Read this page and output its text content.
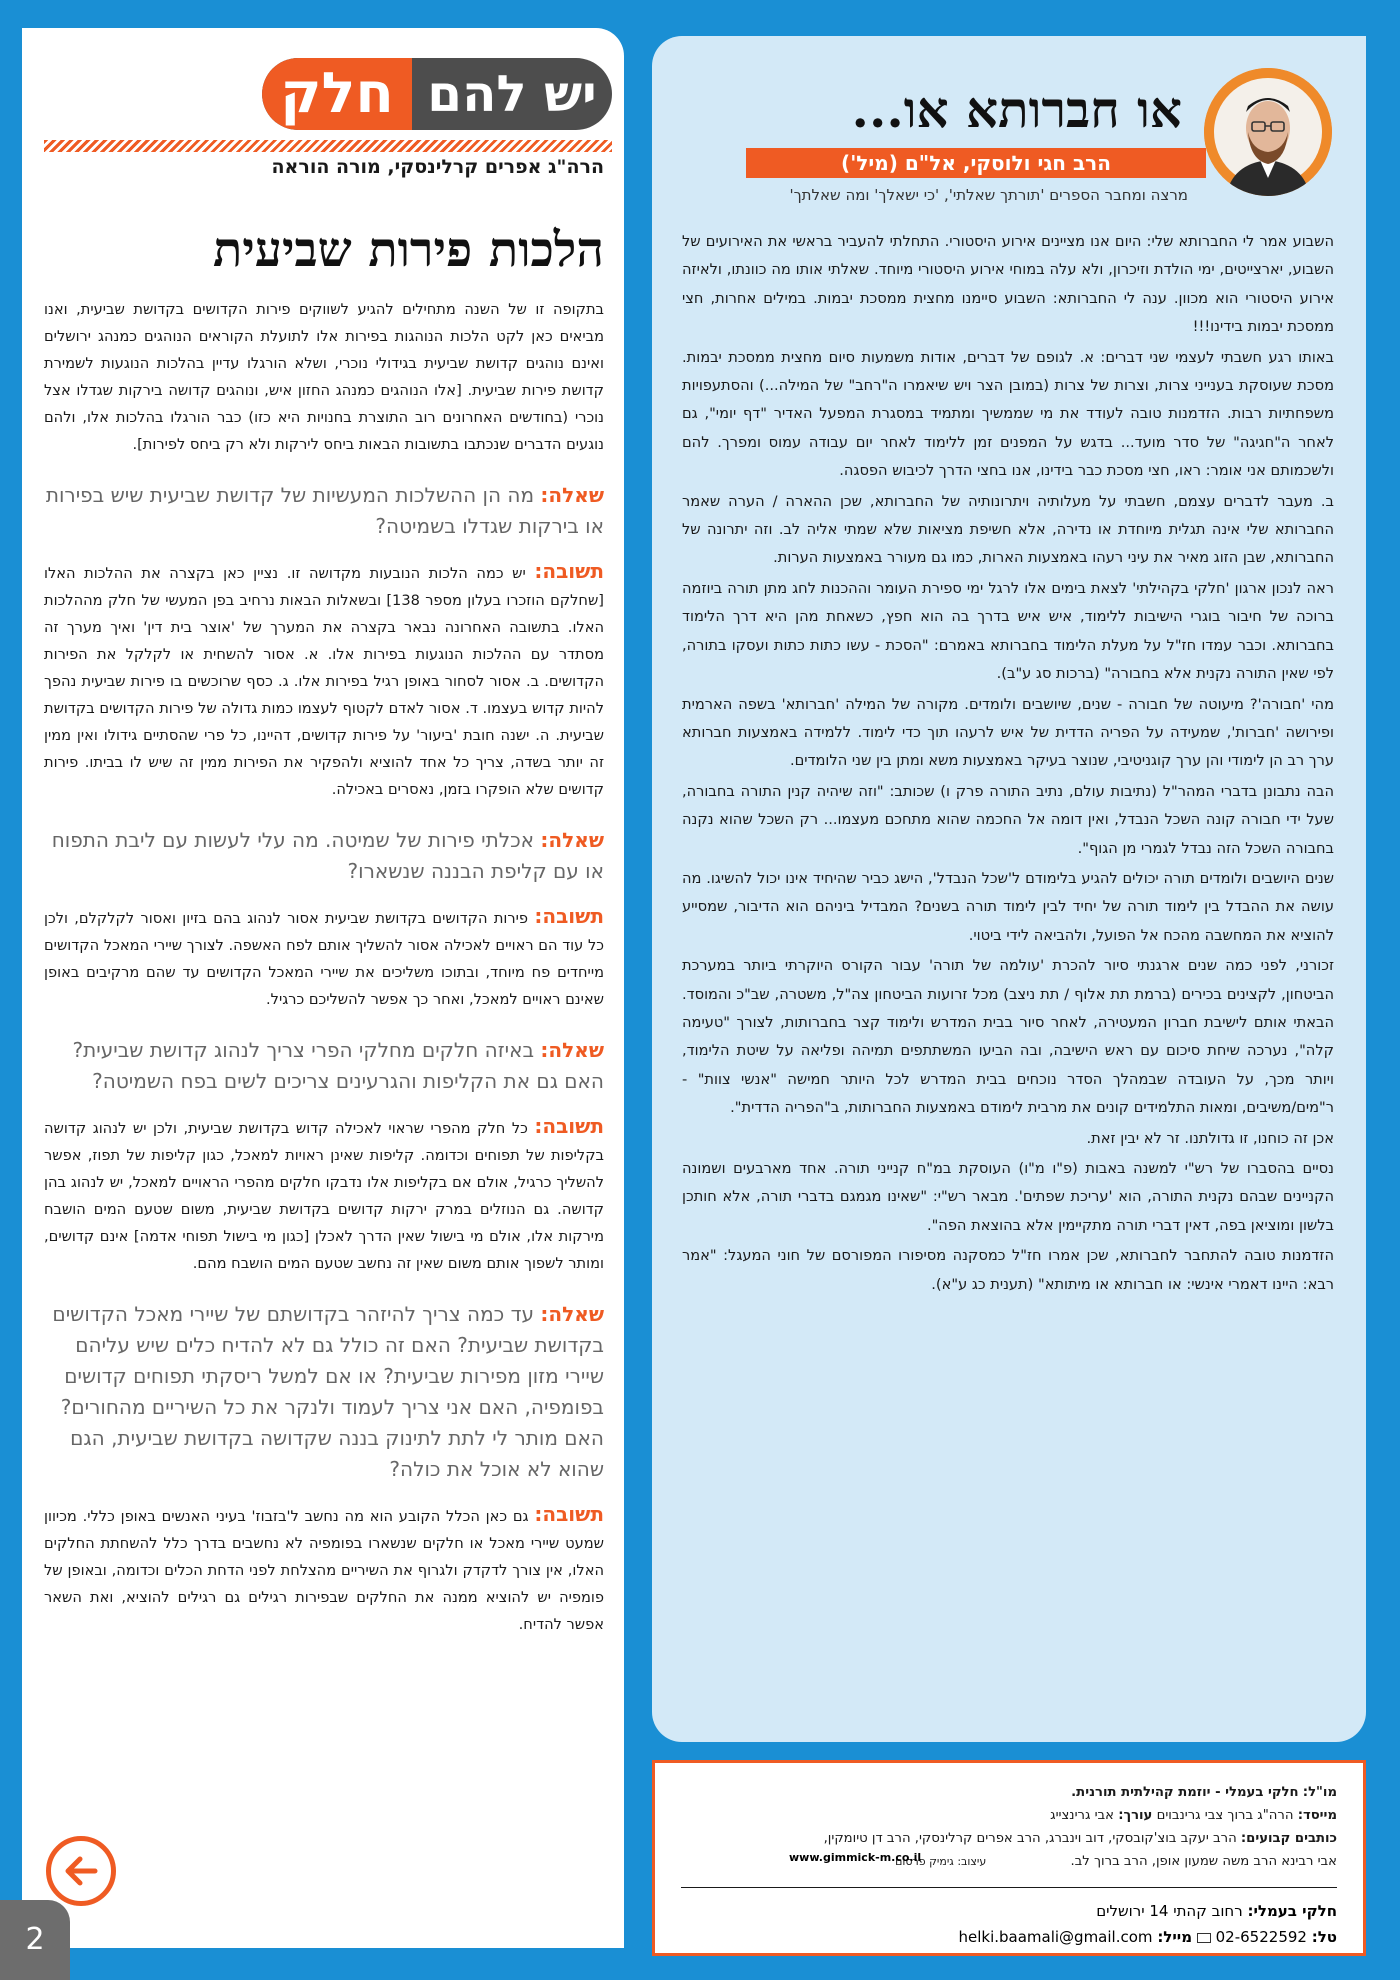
יש להם
חלק
הרה"ג אפרים קרלינסקי, מורה הוראה
הלכות פירות שביעית
בתקופה זו של השנה מתחילים להגיע לשווקים פירות הקדושים בקדושת שביעית, ואנו מביאים כאן לקט הלכות הנוהגות בפירות אלו לתועלת הקוראים הנוהגים כמנהג ירושלים ואינם נוהגים קדושת שביעית בגידולי נוכרי, ושלא הורגלו עדיין בהלכות הנוגעות לשמירת קדושת פירות שביעית. [אלו הנוהגים כמנהג החזון איש, ונוהגים קדושה בירקות שגדלו אצל נוכרי (בחודשים האחרונים רוב התוצרת בחנויות היא כזו) כבר הורגלו בהלכות אלו, ולהם נוגעים הדברים שנכתבו בתשובות הבאות ביחס לירקות ולא רק ביחס לפירות].
שאלה: מה הן ההשלכות המעשיות של קדושת שביעית שיש בפירות או בירקות שגדלו בשמיטה?
תשובה: יש כמה הלכות הנובעות מקדושה זו. נציין כאן בקצרה את ההלכות האלו [שחלקם הוזכרו בעלון מספר 138] ובשאלות הבאות נרחיב בפן המעשי של חלק מההלכות האלו. בתשובה האחרונה נבאר בקצרה את המערך של 'אוצר בית דין' ואיך מערך זה מסתדר עם ההלכות הנוגעות בפירות אלו. א. אסור להשחית או לקלקל את הפירות הקדושים. ב. אסור לסחור באופן רגיל בפירות אלו. ג. כסף שרוכשים בו פירות שביעית נהפך להיות קדוש בעצמו. ד. אסור לאדם לקטוף לעצמו כמות גדולה של פירות הקדושים בקדושת שביעית. ה. ישנה חובת 'ביעור' על פירות קדושים, דהיינו, כל פרי שהסתיים גידולו ואין ממין זה יותר בשדה, צריך כל אחד להוציא ולהפקיר את הפירות ממין זה שיש לו בביתו. פירות קדושים שלא הופקרו בזמן, נאסרים באכילה.
שאלה: אכלתי פירות של שמיטה. מה עלי לעשות עם ליבת התפוח או עם קליפת הבננה שנשארו?
תשובה: פירות הקדושים בקדושת שביעית אסור לנהוג בהם בזיון ואסור לקלקלם, ולכן כל עוד הם ראויים לאכילה אסור להשליך אותם לפח האשפה. לצורך שיירי המאכל הקדושים מייחדים פח מיוחד, ובתוכו משליכים את שיירי המאכל הקדושים עד שהם מרקיבים באופן שאינם ראויים למאכל, ואחר כך אפשר להשליכם כרגיל.
שאלה: באיזה חלקים מחלקי הפרי צריך לנהוג קדושת שביעית? האם גם את הקליפות והגרעינים צריכים לשים בפח השמיטה?
תשובה: כל חלק מהפרי שראוי לאכילה קדוש בקדושת שביעית, ולכן יש לנהוג קדושה בקליפות של תפוחים וכדומה. קליפות שאינן ראויות למאכל, כגון קליפות של תפוז, אפשר להשליך כרגיל, אולם אם בקליפות אלו נדבקו חלקים מהפרי הראויים למאכל, יש לנהוג בהן קדושה. גם הנוזלים במרק ירקות קדושים בקדושת שביעית, משום שטעם המים הושבח מירקות אלו, אולם מי בישול שאין הדרך לאכלן [כגון מי בישול תפוחי אדמה] אינם קדושים, ומותר לשפוך אותם משום שאין זה נחשב שטעם המים הושבח מהם.
שאלה: עד כמה צריך להיזהר בקדושתם של שיירי מאכל הקדושים בקדושת שביעית? האם זה כולל גם לא להדיח כלים שיש עליהם שיירי מזון מפירות שביעית? או אם למשל ריסקתי תפוחים קדושים בפומפיה, האם אני צריך לעמוד ולנקר את כל השיריים מהחורים? האם מותר לי לתת לתינוק בננה שקדושה בקדושת שביעית, הגם שהוא לא אוכל את כולה?
תשובה: גם כאן הכלל הקובע הוא מה נחשב ל'בזבוז' בעיני האנשים באופן כללי. מכיוון שמעט שיירי מאכל או חלקים שנשארו בפומפיה לא נחשבים בדרך כלל להשחתת החלקים האלו, אין צורך לדקדק ולגרוף את השיריים מהצלחת לפני הדחת הכלים וכדומה, ובאופן של פומפיה יש להוציא ממנה את החלקים שבפירות רגילים גם רגילים להוציא, ואת השאר אפשר להדיח.
2
או חברותא או...
הרב חגי ולוסקי, אל"ם (מיל')
מרצה ומחבר הספרים 'תורתך שאלתי', 'כי ישאלך' ומה שאלתך'

השבוע אמר לי החברותא שלי: היום אנו מציינים אירוע היסטורי. התחלתי להעביר בראשי את האירועים של השבוע, יארצייטים, ימי הולדת וזיכרון, ולא עלה במוחי אירוע היסטורי מיוחד. שאלתי אותו מה כוונתו, ולאיזה אירוע היסטורי הוא מכוון. ענה לי החברותא: השבוע סיימנו מחצית ממסכת יבמות. במילים אחרות, חצי ממסכת יבמות בידינו!!!

באותו רגע חשבתי לעצמי שני דברים: א. לגופם של דברים, אודות משמעות סיום מחצית ממסכת יבמות. מסכת שעוסקת בענייני צרות, וצרות של צרות (במובן הצר ויש שיאמרו ה"רחב" של המילה...) והסתעפויות משפחתיות רבות. הזדמנות טובה לעודד את מי שממשיך ומתמיד במסגרת המפעל האדיר "דף יומי", גם לאחר ה"חגיגה" של סדר מועד... בדגש על המפנים זמן ללימוד לאחר יום עבודה עמוס ומפרך. להם ולשכמותם אני אומר: ראו, חצי מסכת כבר בידינו, אנו בחצי הדרך לכיבוש הפסגה.

ב. מעבר לדברים עצמם, חשבתי על מעלותיה ויתרונותיה של החברותא, שכן ההארה / הערה שאמר החברותא שלי אינה תגלית מיוחדת או נדירה, אלא חשיפת מציאות שלא שמתי אליה לב. וזה יתרונה של החברותא, שבן הזוג מאיר את עיני רעהו באמצעות הארות, כמו גם מעורר באמצעות הערות.

ראה לנכון ארגון 'חלקי בקהילתי' לצאת בימים אלו לרגל ימי ספירת העומר וההכנות לחג מתן תורה ביוזמה ברוכה של חיבור בוגרי הישיבות ללימוד, איש איש בדרך בה הוא חפץ, כשאחת מהן היא דרך הלימוד בחברותא. וכבר עמדו חז"ל על מעלת הלימוד בחברותא באמרם: "הסכת - עשו כתות כתות ועסקו בתורה, לפי שאין התורה נקנית אלא בחבורה" (ברכות סג ע"ב).

מהי 'חבורה'? מיעוטה של חבורה - שנים, שיושבים ולומדים. מקורה של המילה 'חברותא' בשפה הארמית ופירושה 'חברות', שמעידה על הפריה הדדית של איש לרעהו תוך כדי לימוד. ללמידה באמצעות חברותא ערך רב הן לימודי והן ערך קוגניטיבי, שנוצר בעיקר באמצעות משא ומתן בין שני הלומדים.

הבה נתבונן בדברי המהר"ל (נתיבות עולם, נתיב התורה פרק ו) שכותב: "וזה שיהיה קנין התורה בחבורה, שעל ידי חבורה קונה השכל הנבדל, ואין דומה אל החכמה שהוא מתחכם מעצמו... רק השכל שהוא נקנה בחבורה השכל הזה נבדל לגמרי מן הגוף".

שנים היושבים ולומדים תורה יכולים להגיע בלימודם ל'שכל הנבדל', הישג כביר שהיחיד אינו יכול להשיגו. מה עושה את ההבדל בין לימוד תורה של יחיד לבין לימוד תורה בשנים? המבדיל ביניהם הוא הדיבור, שמסייע להוציא את המחשבה מהכח אל הפועל, ולהביאה לידי ביטוי.

זכורני, לפני כמה שנים ארגנתי סיור להכרת 'עולמה של תורה' עבור הקורס היוקרתי ביותר במערכת הביטחון, לקצינים בכירים (ברמת תת אלוף / תת ניצב) מכל זרועות הביטחון צה"ל, משטרה, שב"כ והמוסד. הבאתי אותם לישיבת חברון המעטירה, לאחר סיור בבית המדרש ולימוד קצר בחברותות, לצורך "טעימה קלה", נערכה שיחת סיכום עם ראש הישיבה, ובה הביעו המשתתפים תמיהה ופליאה על שיטת הלימוד, ויותר מכך, על העובדה שבמהלך הסדר נוכחים בבית המדרש לכל היותר חמישה "אנשי צוות" - ר"מים/משיבים, ומאות התלמידים קונים את מרבית לימודם באמצעות החברותות, ב"הפריה הדדית".

אכן זה כוחנו, זו גדולתנו. זר לא יבין זאת.

נסיים בהסברו של רש"י למשנה באבות (פ"ו מ"ו) העוסקת במ"ח קנייני תורה. אחד מארבעים ושמונה הקניינים שבהם נקנית התורה, הוא 'עריכת שפתים'. מבאר רש"י: "שאינו מגמגם בדברי תורה, אלא חותכן בלשון ומוציאן בפה, דאין דברי תורה מתקיימין אלא בהוצאת הפה".

הזדמנות טובה להתחבר לחברותא, שכן אמרו חז"ל כמסקנה מסיפורו המפורסם של חוני המעגל: "אמר רבא: היינו דאמרי אינשי: או חברותא או מיתותא" (תענית כג ע"א).

מו"ל: חלקי בעמלי - יוזמת קהילתית תורנית.
מייסד: הרה"ג ברוך צבי גרינבוים עורך: אבי גרינצייג
כותבים קבועים: הרב יעקב בוצ'קובסקי, דוב וינברג, הרב אפרים קרלינסקי, הרב דן טיומקין,
אבי רבינא הרב משה שמעון אופן, הרב ברוך לב. עיצוב: גימיק פרסום
www.gimmick-m.co.il
חלקי בעמלי: רחוב קהתי 14 ירושלים
טל: 02-6522592  מייל: helki.baamali@gmail.com
